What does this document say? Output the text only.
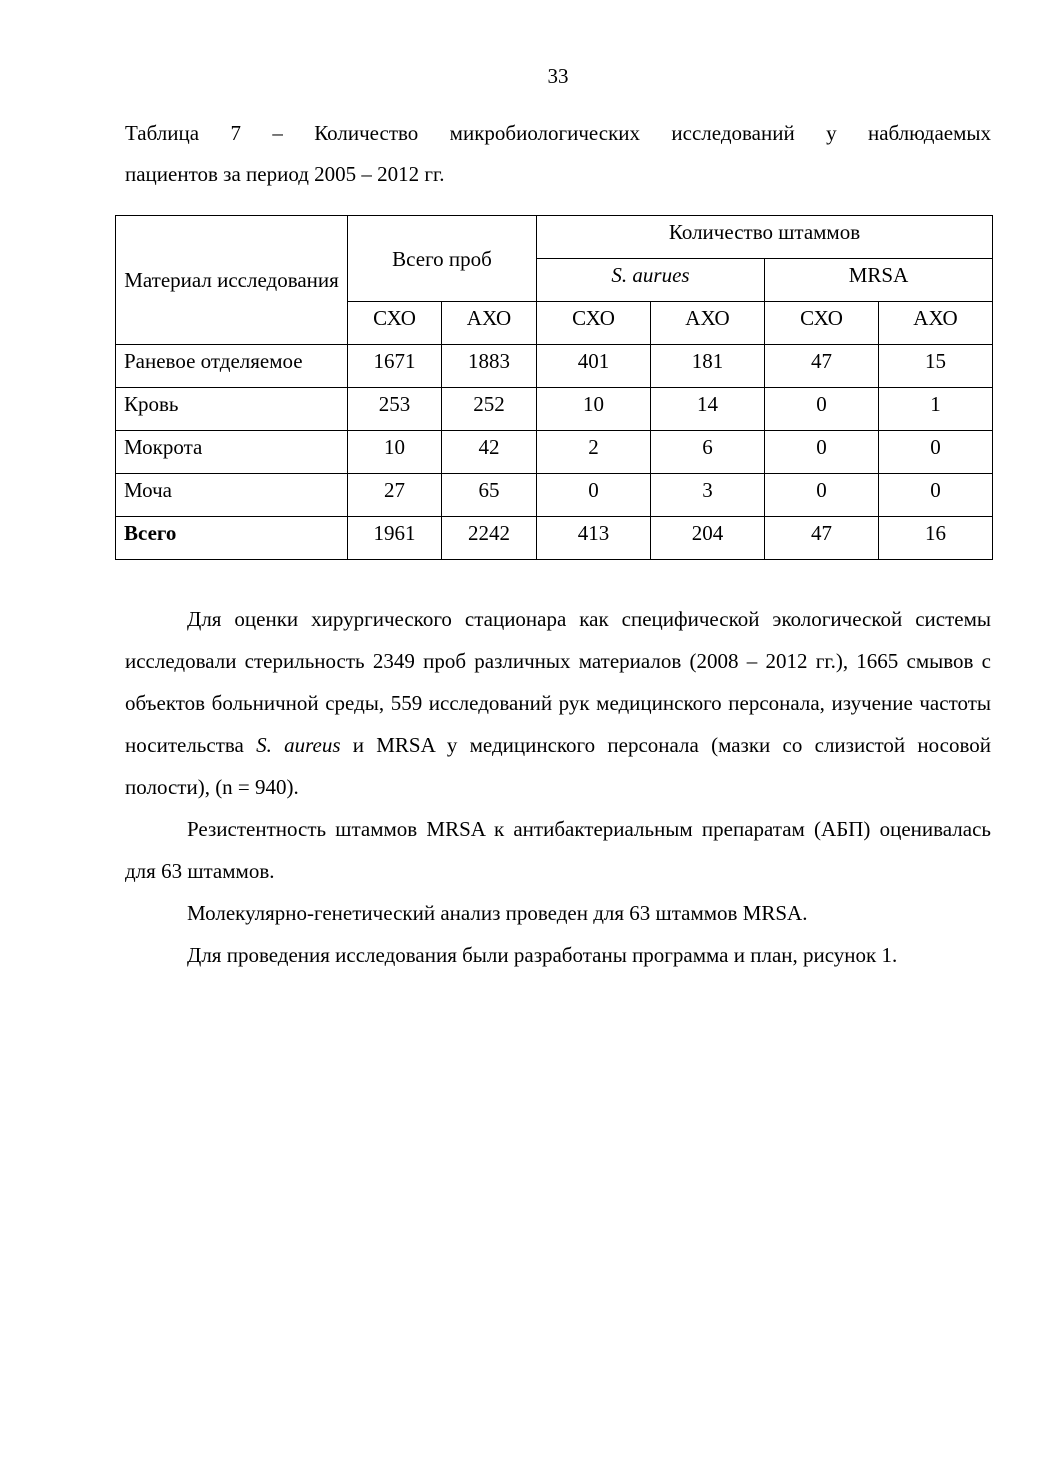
33
Таблица 7 – Количество микробиологических исследований у наблюдаемых
пациентов за период 2005 – 2012 гг.
Материал исследования	Всего проб		Количество штаммов			
			S. aurues		MRSA	
	СХО	АХО	СХО	АХО	СХО	АХО
Раневое отделяемое	1671	1883	401	181	47	15
Кровь	253	252	10	14	0	1
Мокрота	10	42	2	6	0	0
Моча	27	65	0	3	0	0
Всего	1961	2242	413	204	47	16

Для оценки хирургического стационара как специфической экологической системы исследовали стерильность 2349 проб различных материалов (2008 – 2012 гг.), 1665 смывов с объектов больничной среды, 559 исследований рук медицинского персонала, изучение частоты носительства S. aureus и MRSA у медицинского персонала (мазки со слизистой носовой полости), (n = 940).

Резистентность штаммов MRSA к антибактериальным препаратам (АБП) оценивалась для 63 штаммов.

Молекулярно-генетический анализ проведен для 63 штаммов MRSA.

Для проведения исследования были разработаны программа и план, рисунок 1.
